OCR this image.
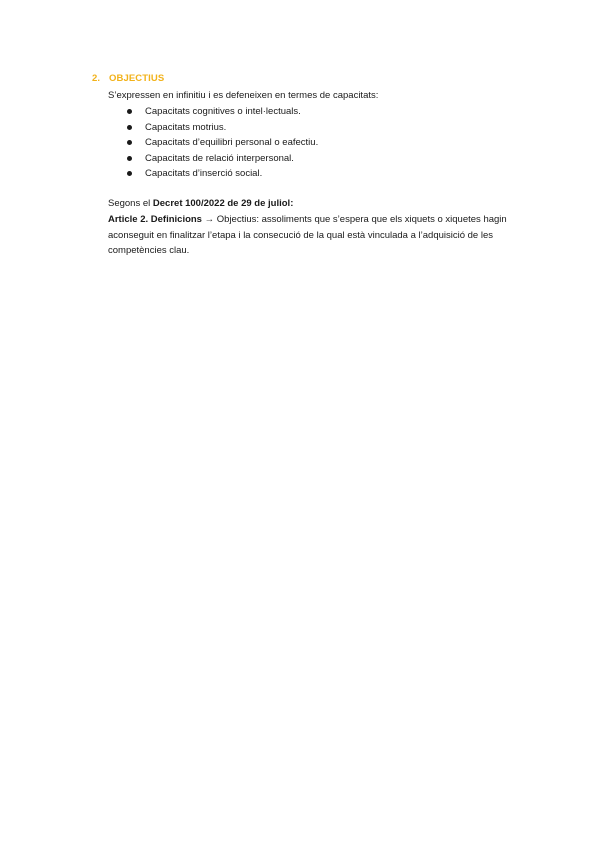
2. OBJECTIUS
S’expressen en infinitiu i es defeneixen en termes de capacitats:
Capacitats cognitives o intel·lectuals.
Capacitats motrius.
Capacitats d’equilibri personal o eafectiu.
Capacitats de relació interpersonal.
Capacitats d’inserció social.
Segons el Decret 100/2022 de 29 de juliol:
Article 2. Definicions → Objectius: assoliments que s’espera que els xiquets o xiquetes hagin
aconseguit en finalitzar l’etapa i la consecució de la qual està vinculada a l’adquisició de les
competències clau.
